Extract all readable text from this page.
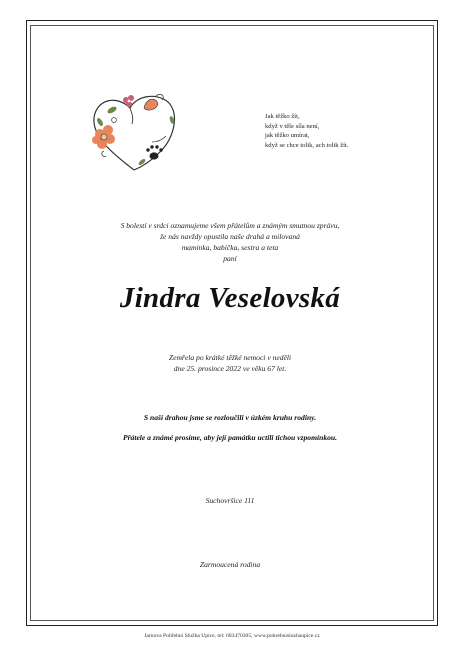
Jak těžko žít,
když v těle síla není,
jak těžko umírat,
když se chce tolik, ach tolik žít.
S bolestí v srdci oznamujeme všem přátelům a známým smutnou zprávu,
že nás navždy opustila naše drahá a milovaná
maminka, babička, sestra a teta
paní
Jindra Veselovská
Zemřela po krátké těžké nemoci v neděli
dne 25. prosince 2022 ve věku 67 let.
S naší drahou jsme se rozloučili v úzkém kruhu rodiny.
Přátele a známé prosíme, aby její památku uctili tichou vzpomínkou.
Suchovršice 111
Zarmoucená rodina
Jarnova Pohřební Služba Upice, tel: 603470305, www.pohrebnisluzbaupice.cz
